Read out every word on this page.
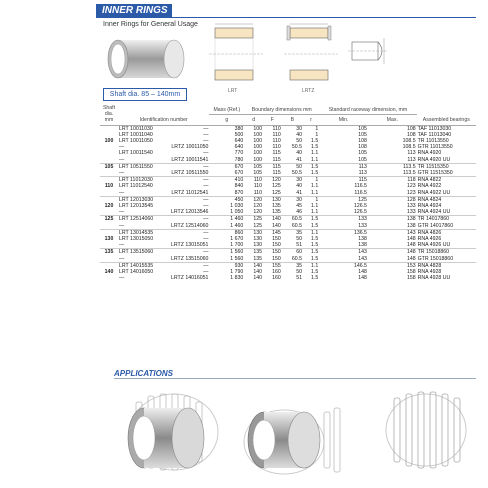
INNER RINGS
Inner Rings for General Usage
LRT	LRTZ
Shaft dia. 85 – 140mm
Shaft dia. mm	Identification number		Mass (Ref.)	Boundary dimensions mm				Standard raceway dimension, mm		Assembled bearings
			g	d	F	B	r	Min.	Max.	
	LRT 10011030	—	380	100	110	30	1	105	108	TAF 11013030
	LRT 10011040	—	500	100	110	40	1	105	108	TAF 11013040
100	LRT 10011050	—	640	100	110	50	1.5	108	108.5	TR 11013550
	—	LRTZ 10011050	640	100	110	50.5	1.5	108	108.5	GTR 11013550
	LRT 10011540	—	770	100	115	40	1.1	105	113	RNA 4920
	—	LRTZ 10011541	780	100	115	41	1.1	105	113	RNA 4920 UU
105	LRT 10511550	—	670	105	115	50	1.5	113	113.5	TR 11515350
	—	LRTZ 10511550	670	105	115	50.5	1.5	113	113.5	GTR 11515350
	LRT 11012030	—	410	110	120	30	1	115	118	RNA 4822
110	LRT 11012540	—	840	110	125	40	1.1	116.5	123	RNA 4922
	—	LRTZ 11012541	870	110	125	41	1.1	116.5	123	RNA 4922 UU
	LRT 12013030	—	450	120	130	30	1	125	128	RNA 4824
120	LRT 12013545	—	1 030	120	135	45	1.1	126.5	133	RNA 4924
	—	LRTZ 12013546	1 050	120	135	46	1.1	126.5	133	RNA 4924 UU
125	LRT 12514060	—	1 460	125	140	60.5	1.5	133	138	TR 14017860
	—	LRTZ 12514060	1 460	125	140	60.5	1.5	133	138	GTR 14017860
	LRT 13014535	—	860	130	145	35	1.1	136.5	143	RNA 4826
130	LRT 13015050	—	1 670	130	150	50	1.5	138	148	RNA 4926
	—	LRTZ 13015051	1 700	130	150	51	1.5	138	148	RNA 4926 UU
135	LRT 13515060	—	1 560	135	150	60	1.5	143	148	TR 15018860
	—	LRTZ 13515060	1 560	135	150	60.5	1.5	143	148	GTR 15018860
	LRT 14015535	—	930	140	155	35	1.1	146.5	153	RNA 4828
140	LRT 14016050	—	1 790	140	160	50	1.5	148	158	RNA 4928
	—	LRTZ 14016051	1 830	140	160	51	1.5	148	158	RNA 4928 UU
APPLICATIONS
